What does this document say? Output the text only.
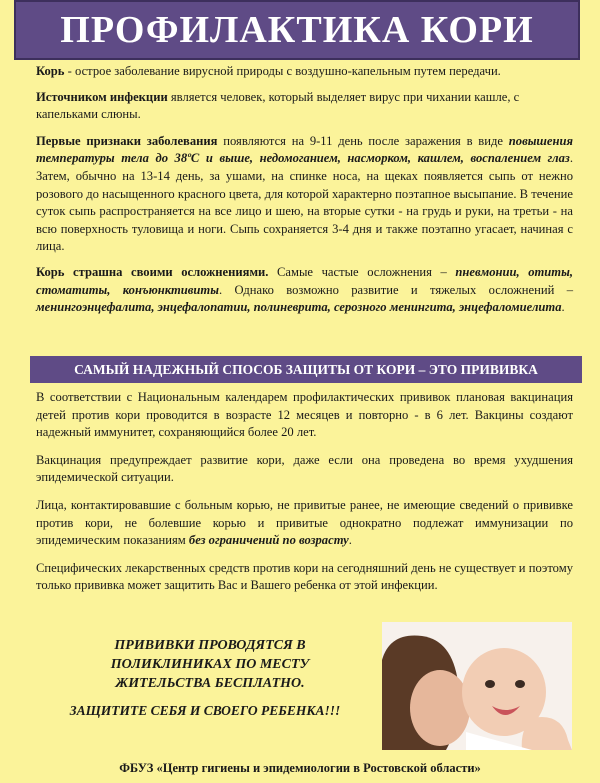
ПРОФИЛАКТИКА КОРИ

Корь - острое заболевание вирусной природы с воздушно-капельным путем передачи.

Источником инфекции является человек, который выделяет вирус при чихании кашле, с капельками слюны.

Первые признаки заболевания появляются на 9-11 день после заражения в виде повышения температуры тела до 38ºС и выше, недомоганием, насморком, кашлем, воспалением глаз. Затем, обычно на 13-14 день, за ушами, на спинке носа, на щеках появляется сыпь от нежно розового до насыщенного красного цвета, для которой характерно поэтапное высыпание. В течение суток сыпь распространяется на все лицо и шею, на вторые сутки - на грудь и руки, на третьи - на всю поверхность туловища и ноги. Сыпь сохраняется 3-4 дня и также поэтапно угасает, начиная с лица.

Корь страшна своими осложнениями. Самые частые осложнения – пневмонии, отиты, стоматиты, конъюнктивиты. Однако возможно развитие и тяжелых осложнений – менингоэнцефалита, энцефалопатии, полиневрита, серозного менингита, энцефаломиелита.

САМЫЙ НАДЕЖНЫЙ СПОСОБ ЗАЩИТЫ ОТ КОРИ – ЭТО ПРИВИВКА

В соответствии с Национальным календарем профилактических прививок плановая вакцинация детей против кори проводится в возрасте 12 месяцев и повторно - в 6 лет. Вакцины создают надежный иммунитет, сохраняющийся более 20 лет.

Вакцинация предупреждает развитие кори, даже если она проведена во время ухудшения эпидемической ситуации.

Лица, контактировавшие с больным корью, не привитые ранее, не имеющие сведений о прививке против кори, не болевшие корью и привитые однократно подлежат иммунизации по эпидемическим показаниям без ограничений по возрасту.

Специфических лекарственных средств против кори на сегодняшний день не существует и поэтому только прививка может защитить Вас и Вашего ребенка от этой инфекции.

ПРИВИВКИ ПРОВОДЯТСЯ В
ПОЛИКЛИНИКАХ ПО МЕСТУ
ЖИТЕЛЬСТВА БЕСПЛАТНО.
ЗАЩИТИТЕ СЕБЯ И СВОЕГО РЕБЕНКА!!!
ФБУЗ «Центр гигиены и эпидемиологии в Ростовской области»
